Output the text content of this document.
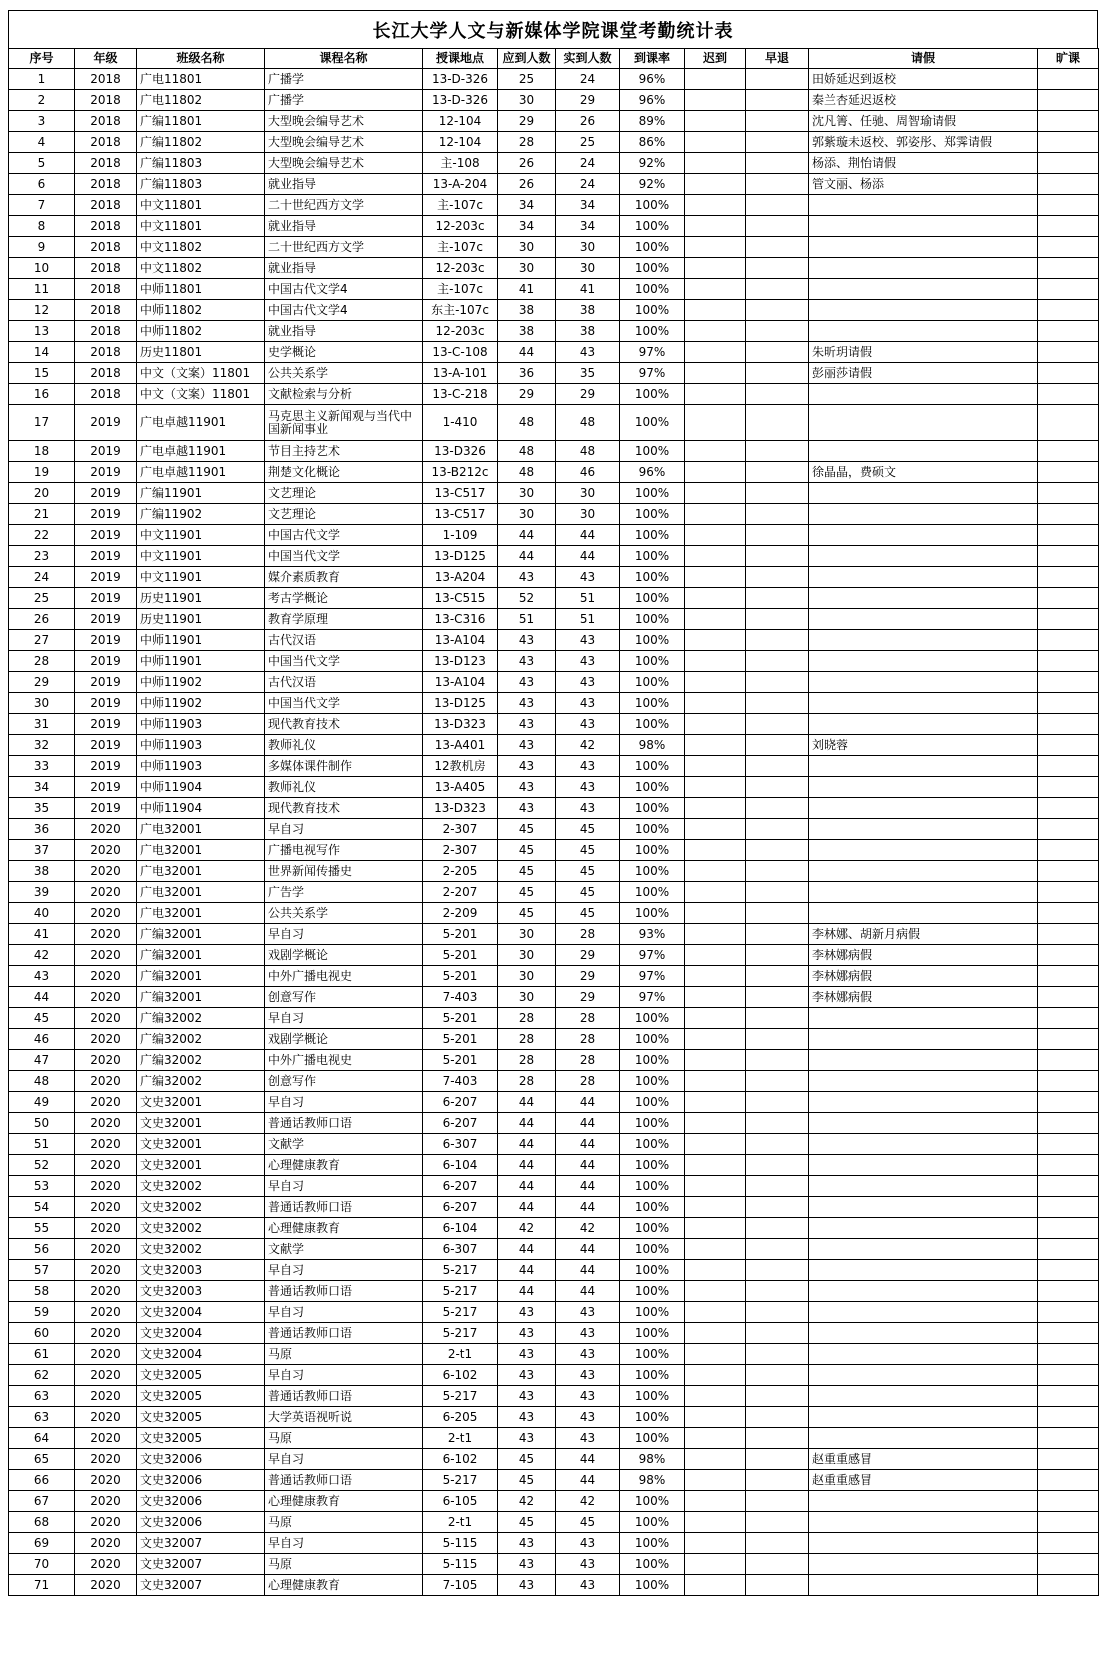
长江大学人文与新媒体学院课堂考勤统计表
序号	年级	班级名称	课程名称	授课地点	应到人数	实到人数	到课率	迟到	早退	请假	旷课
1	2018	广电11801	广播学	13-D-326	25	24	96%			田娇延迟到返校	
2	2018	广电11802	广播学	13-D-326	30	29	96%			秦兰杏延迟返校	
3	2018	广编11801	大型晚会编导艺术	12-104	29	26	89%			沈凡箐、任驰、周智瑜请假	
4	2018	广编11802	大型晚会编导艺术	12-104	28	25	86%			郭紫璇未返校、郭姿彤、郑霁请假	
5	2018	广编11803	大型晚会编导艺术	主-108	26	24	92%			杨添、荆怡请假	
6	2018	广编11803	就业指导	13-A-204	26	24	92%			管文丽、杨添	
7	2018	中文11801	二十世纪西方文学	主-107c	34	34	100%				
8	2018	中文11801	就业指导	12-203c	34	34	100%				
9	2018	中文11802	二十世纪西方文学	主-107c	30	30	100%				
10	2018	中文11802	就业指导	12-203c	30	30	100%				
11	2018	中师11801	中国古代文学4	主-107c	41	41	100%				
12	2018	中师11802	中国古代文学4	东主-107c	38	38	100%				
13	2018	中师11802	就业指导	12-203c	38	38	100%				
14	2018	历史11801	史学概论	13-C-108	44	43	97%			朱昕玥请假	
15	2018	中文（文案）11801	公共关系学	13-A-101	36	35	97%			彭丽莎请假	
16	2018	中文（文案）11801	文献检索与分析	13-C-218	29	29	100%				
17	2019	广电卓越11901	马克思主义新闻观与当代中国新闻事业	1-410	48	48	100%				
18	2019	广电卓越11901	节目主持艺术	13-D326	48	48	100%				
19	2019	广电卓越11901	荆楚文化概论	13-B212c	48	46	96%			徐晶晶，费硕文	
20	2019	广编11901	文艺理论	13-C517	30	30	100%				
21	2019	广编11902	文艺理论	13-C517	30	30	100%				
22	2019	中文11901	中国古代文学	1-109	44	44	100%				
23	2019	中文11901	中国当代文学	13-D125	44	44	100%				
24	2019	中文11901	媒介素质教育	13-A204	43	43	100%				
25	2019	历史11901	考古学概论	13-C515	52	51	100%				
26	2019	历史11901	教育学原理	13-C316	51	51	100%				
27	2019	中师11901	古代汉语	13-A104	43	43	100%				
28	2019	中师11901	中国当代文学	13-D123	43	43	100%				
29	2019	中师11902	古代汉语	13-A104	43	43	100%				
30	2019	中师11902	中国当代文学	13-D125	43	43	100%				
31	2019	中师11903	现代教育技术	13-D323	43	43	100%				
32	2019	中师11903	教师礼仪	13-A401	43	42	98%			刘晓蓉	
33	2019	中师11903	多媒体课件制作	12教机房	43	43	100%				
34	2019	中师11904	教师礼仪	13-A405	43	43	100%				
35	2019	中师11904	现代教育技术	13-D323	43	43	100%				
36	2020	广电32001	早自习	2-307	45	45	100%				
37	2020	广电32001	广播电视写作	2-307	45	45	100%				
38	2020	广电32001	世界新闻传播史	2-205	45	45	100%				
39	2020	广电32001	广告学	2-207	45	45	100%				
40	2020	广电32001	公共关系学	2-209	45	45	100%				
41	2020	广编32001	早自习	5-201	30	28	93%			李林娜、胡新月病假	
42	2020	广编32001	戏剧学概论	5-201	30	29	97%			李林娜病假	
43	2020	广编32001	中外广播电视史	5-201	30	29	97%			李林娜病假	
44	2020	广编32001	创意写作	7-403	30	29	97%			李林娜病假	
45	2020	广编32002	早自习	5-201	28	28	100%				
46	2020	广编32002	戏剧学概论	5-201	28	28	100%				
47	2020	广编32002	中外广播电视史	5-201	28	28	100%				
48	2020	广编32002	创意写作	7-403	28	28	100%				
49	2020	文史32001	早自习	6-207	44	44	100%				
50	2020	文史32001	普通话教师口语	6-207	44	44	100%				
51	2020	文史32001	文献学	6-307	44	44	100%				
52	2020	文史32001	心理健康教育	6-104	44	44	100%				
53	2020	文史32002	早自习	6-207	44	44	100%				
54	2020	文史32002	普通话教师口语	6-207	44	44	100%				
55	2020	文史32002	心理健康教育	6-104	42	42	100%				
56	2020	文史32002	文献学	6-307	44	44	100%				
57	2020	文史32003	早自习	5-217	44	44	100%				
58	2020	文史32003	普通话教师口语	5-217	44	44	100%				
59	2020	文史32004	早自习	5-217	43	43	100%				
60	2020	文史32004	普通话教师口语	5-217	43	43	100%				
61	2020	文史32004	马原	2-t1	43	43	100%				
62	2020	文史32005	早自习	6-102	43	43	100%				
63	2020	文史32005	普通话教师口语	5-217	43	43	100%				
63	2020	文史32005	大学英语视听说	6-205	43	43	100%				
64	2020	文史32005	马原	2-t1	43	43	100%				
65	2020	文史32006	早自习	6-102	45	44	98%			赵重重感冒	
66	2020	文史32006	普通话教师口语	5-217	45	44	98%			赵重重感冒	
67	2020	文史32006	心理健康教育	6-105	42	42	100%				
68	2020	文史32006	马原	2-t1	45	45	100%				
69	2020	文史32007	早自习	5-115	43	43	100%				
70	2020	文史32007	马原	5-115	43	43	100%				
71	2020	文史32007	心理健康教育	7-105	43	43	100%				
